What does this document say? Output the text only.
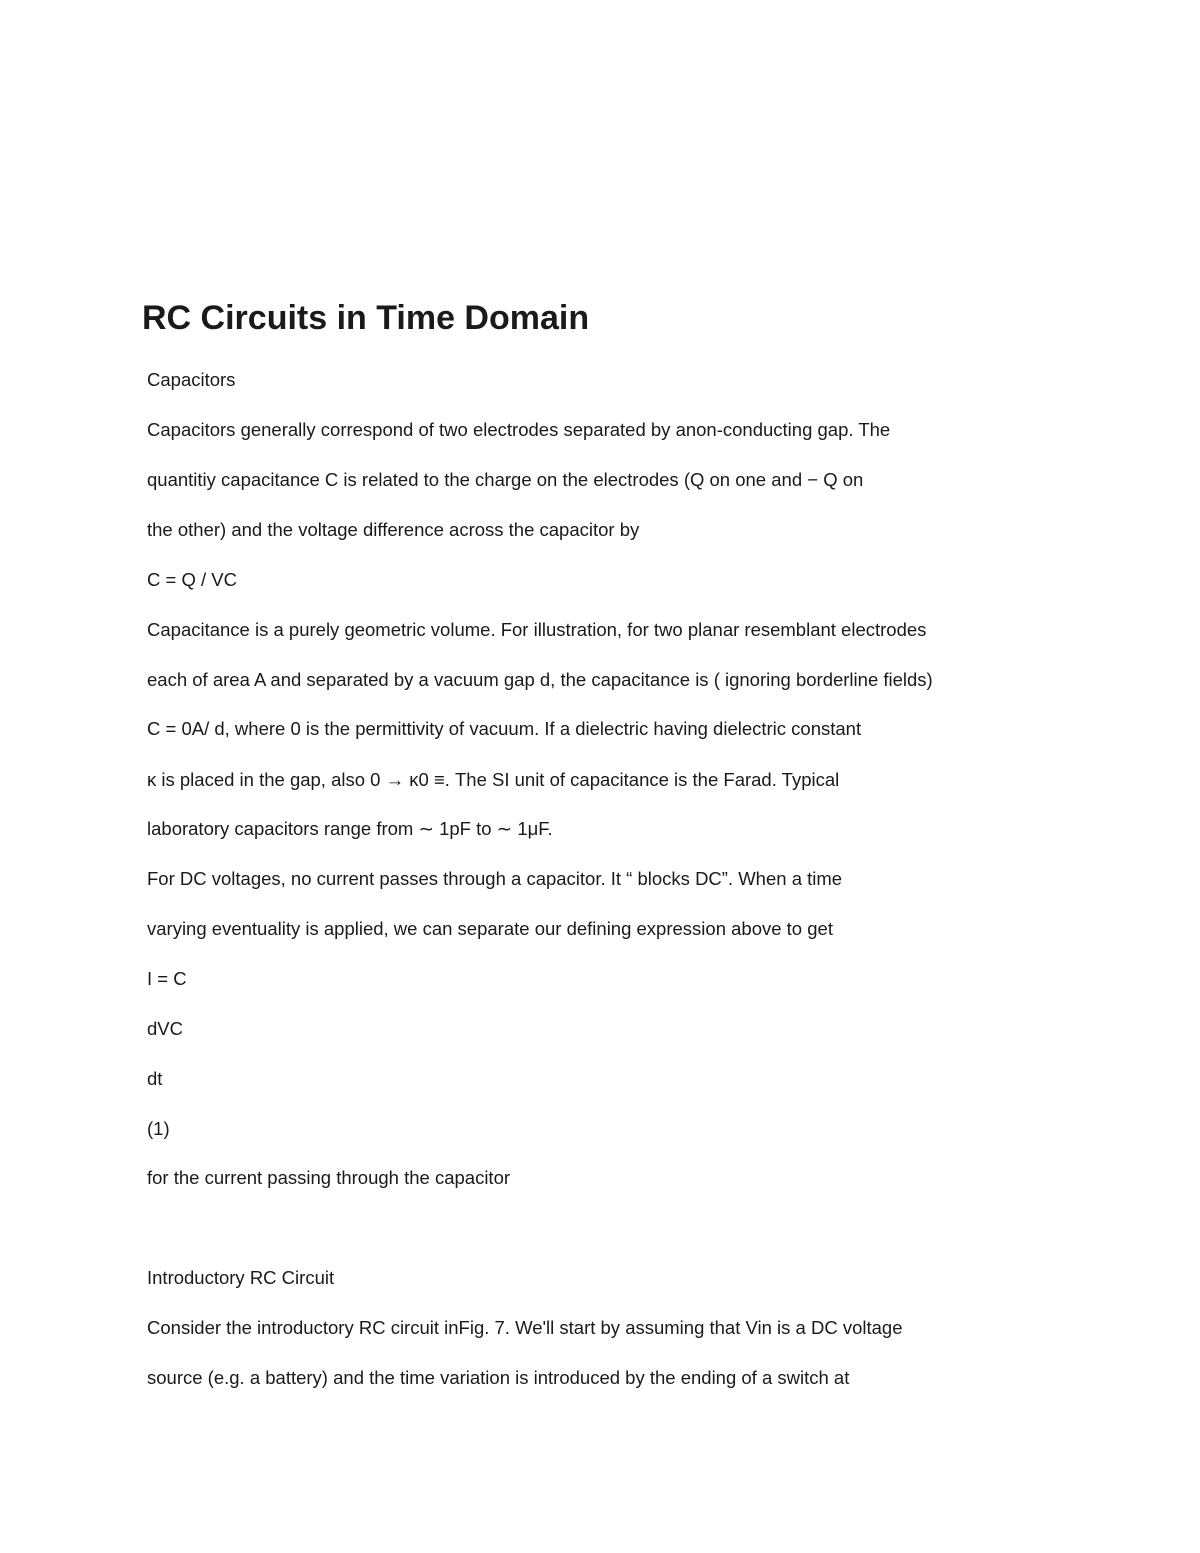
RC Circuits in Time Domain

Capacitors

Capacitors generally correspond of two electrodes separated by anon-conducting gap. The

quantitiy capacitance C is related to the charge on the electrodes (Q on one and − Q on

the other) and the voltage difference across the capacitor by

C = Q / VC

Capacitance is a purely geometric volume. For illustration, for two planar resemblant electrodes

each of area A and separated by a vacuum gap d, the capacitance is ( ignoring borderline fields)

C = 0A/ d, where 0 is the permittivity of vacuum. If a dielectric having dielectric constant

κ is placed in the gap, also 0 → κ0 ≡. The SI unit of capacitance is the Farad. Typical

laboratory capacitors range from ∼ 1pF to ∼ 1μF.

For DC voltages, no current passes through a capacitor. It “ blocks DC”. When a time

varying eventuality is applied, we can separate our defining expression above to get

I = C

dVC

dt

(1)

for the current passing through the capacitor

Introductory RC Circuit

Consider the introductory RC circuit inFig. 7. We'll start by assuming that Vin is a DC voltage

source (e.g. a battery) and the time variation is introduced by the ending of a switch at
